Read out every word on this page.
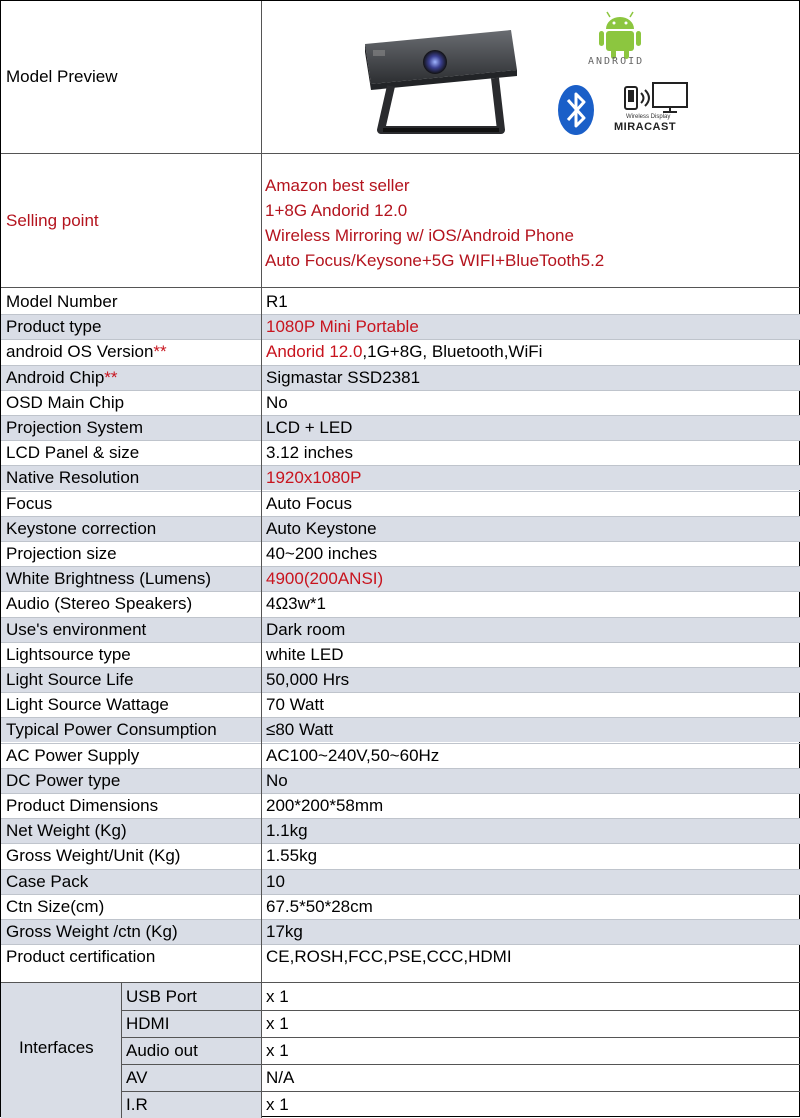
Model Preview
ANDROID
Wireless Display
MIRACAST
Selling point
Amazon best seller
1+8G Andorid 12.0
Wireless Mirroring w/ iOS/Android Phone
Auto Focus/Keysone+5G WIFI+BlueTooth5.2
Model Number	R1
Product type	1080P Mini Portable
android OS Version**	Andorid 12.0,1G+8G, Bluetooth,WiFi
Android Chip**	Sigmastar SSD2381
OSD Main Chip	No
Projection System	LCD + LED
LCD Panel & size	3.12 inches
Native Resolution	1920x1080P
Focus	Auto Focus
Keystone correction	Auto Keystone
Projection size	40~200 inches
White Brightness (Lumens)	4900(200ANSI)
Audio (Stereo Speakers)	4Ω3w*1
Use's environment	Dark room
Lightsource type	white LED
Light Source Life	50,000 Hrs
Light Source Wattage	70 Watt
Typical Power Consumption	≤80 Watt
AC Power Supply	AC100~240V,50~60Hz
DC Power type	No
Product Dimensions	200*200*58mm
Net Weight (Kg)	1.1kg
Gross Weight/Unit (Kg)	1.55kg
Case Pack	10
Ctn Size(cm)	67.5*50*28cm
Gross Weight /ctn (Kg)	17kg
Product certification	CE,ROSH,FCC,PSE,CCC,HDMI
Interfaces
USB Port	x 1
HDMI	x 1
Audio out	x 1
AV	N/A
I.R	x 1
